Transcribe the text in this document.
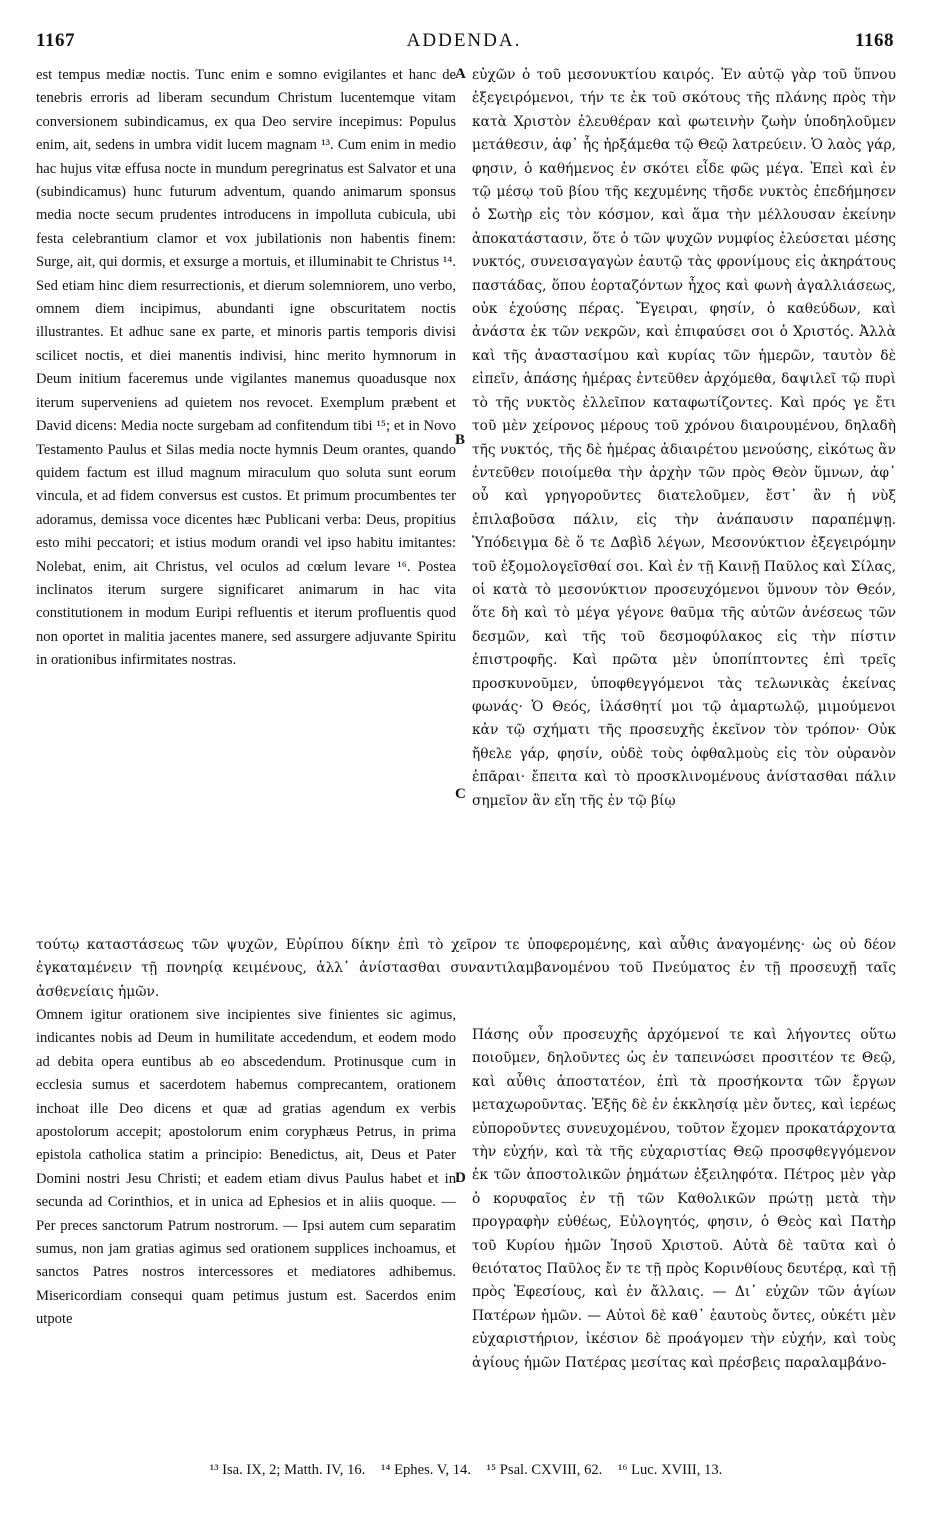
ADDENDA.
1167	1168

est tempus mediæ noctis. Tunc enim e somno evigilantes et hanc de tenebris erroris ad liberam secundum Christum lucentemque vitam conversionem subindicamus, ex qua Deo servire incepimus: Populus enim, ait, sedens in umbra vidit lucem magnam ¹³. Cum enim in medio hac hujus vitæ effusa nocte in mundum peregrinatus est Salvator et una (subindicamus) hunc futurum adventum, quando animarum sponsus media nocte secum prudentes introducens in impolluta cubicula, ubi festa celebrantium clamor et vox jubilationis non habentis finem: Surge, ait, qui dormis, et exsurge a mortuis, et illuminabit te Christus ¹⁴. Sed etiam hinc diem resurrectionis, et dierum solemniorem, uno verbo, omnem diem incipimus, abundanti igne obscuritatem noctis illustrantes. Et adhuc sane ex parte, et minoris partis temporis divisi scilicet noctis, et diei manentis indivisi, hinc merito hymnorum in Deum initium faceremus unde vigilantes manemus quoadusque nox iterum superveniens ad quietem nos revocet. Exemplum præbent et David dicens: Media nocte surgebam ad confitendum tibi ¹⁵; et in Novo Testamento Paulus et Silas media nocte hymnis Deum orantes, quando quidem factum est illud magnum miraculum quo soluta sunt eorum vincula, et ad fidem conversus est custos. Et primum procumbentes ter adoramus, demissa voce dicentes hæc Publicani verba: Deus, propitius esto mihi peccatori; et istius modum orandi vel ipso habitu imitantes: Nolebat, enim, ait Christus, vel oculos ad cœlum levare ¹⁶. Postea inclinatos iterum surgere significaret animarum in hac vita constitutionem in modum Euripi refluentis et iterum profluentis quod non oportet in malitia jacentes manere, sed assurgere adjuvante Spiritu in orationibus infirmitates nostras.

εὐχῶν ὁ τοῦ μεσονυκτίου καιρός. Ἐν αὐτῷ γὰρ τοῦ ὕπνου ἐξεγειρόμενοι, τήν τε ἐκ τοῦ σκότους τῆς πλάνης πρὸς τὴν κατὰ Χριστὸν ἐλευθέραν καὶ φωτεινὴν ζωὴν ὑποδηλοῦμεν μετάθεσιν, ἀφ᾽ ἧς ἠρξάμεθα τῷ Θεῷ λατρεύειν. Ὁ λαὸς γάρ, φησιν, ὁ καθήμενος ἐν σκότει εἶδε φῶς μέγα. Ἐπεὶ καὶ ἐν τῷ μέσῳ τοῦ βίου τῆς κεχυμένης τῆσδε νυκτὸς ἐπεδήμησεν ὁ Σωτὴρ εἰς τὸν κόσμον, καὶ ἅμα τὴν μέλλουσαν ἐκείνην ἀποκατάστασιν, ὅτε ὁ τῶν ψυχῶν νυμφίος ἐλεύσεται μέσης νυκτός, συνεισαγαγὼν ἑαυτῷ τὰς φρονίμους εἰς ἀκηράτους παστάδας, ὅπου ἑορταζόντων ἦχος καὶ φωνὴ ἀγαλλιάσεως, οὐκ ἐχούσης πέρας. Ἔγειραι, φησίν, ὁ καθεύδων, καὶ ἀνάστα ἐκ τῶν νεκρῶν, καὶ ἐπιφαύσει σοι ὁ Χριστός. Ἀλλὰ καὶ τῆς ἀναστασίμου καὶ κυρίας τῶν ἡμερῶν, ταυτὸν δὲ εἰπεῖν, ἁπάσης ἡμέρας ἐντεῦθεν ἀρχόμεθα, δαψιλεῖ τῷ πυρὶ τὸ τῆς νυκτὸς ἐλλεῖπον καταφωτίζοντες. Καὶ πρός γε ἔτι τοῦ μὲν χείρονος μέρους τοῦ χρόνου διαιρουμένου, δηλαδὴ τῆς νυκτός, τῆς δὲ ἡμέρας ἀδιαιρέτου μενούσης, εἰκότως ἂν ἐντεῦθεν ποιοίμεθα τὴν ἀρχὴν τῶν πρὸς Θεὸν ὕμνων, ἀφ᾽ οὗ καὶ γρηγοροῦντες διατελοῦμεν, ἔστ᾽ ἂν ἡ νὺξ ἐπιλαβοῦσα πάλιν, εἰς τὴν ἀνάπαυσιν παραπέμψῃ. Ὑπόδειγμα δὲ ὅ τε Δαβὶδ λέγων, Μεσονύκτιον ἐξεγειρόμην τοῦ ἐξομολογεῖσθαί σοι. Καὶ ἐν τῇ Καινῇ Παῦλος καὶ Σίλας, οἱ κατὰ τὸ μεσονύκτιον προσευχόμενοι ὕμνουν τὸν Θεόν, ὅτε δὴ καὶ τὸ μέγα γέγονε θαῦμα τῆς αὐτῶν ἀνέσεως τῶν δεσμῶν, καὶ τῆς τοῦ δεσμοφύλακος εἰς τὴν πίστιν ἐπιστροφῆς. Καὶ πρῶτα μὲν ὑποπίπτοντες ἐπὶ τρεῖς προσκυνοῦμεν, ὑποφθεγγόμενοι τὰς τελωνικὰς ἐκείνας φωνάς· Ὁ Θεός, ἱλάσθητί μοι τῷ ἁμαρτωλῷ, μιμούμενοι κἀν τῷ σχήματι τῆς προσευχῆς ἐκεῖνον τὸν τρόπον· Οὐκ ἤθελε γάρ, φησίν, οὐδὲ τοὺς ὀφθαλμοὺς εἰς τὸν οὐρανὸν ἐπᾶραι· ἔπειτα καὶ τὸ προσκλινομένους ἀνίστασθαι πάλιν σημεῖον ἂν εἴη τῆς ἐν τῷ βίῳ

A
B
C
D
τούτῳ καταστάσεως τῶν ψυχῶν, Εὐρίπου δίκην ἐπὶ τὸ χεῖρον τε ὑποφερομένης, καὶ αὖθις ἀναγομένης· ὡς οὐ δέον ἐγκαταμένειν τῇ πονηρίᾳ κειμένους, ἀλλ᾽ ἀνίστασθαι συναντιλαμβανομένου τοῦ Πνεύματος ἐν τῇ προσευχῇ ταῖς ἀσθενείαις ἡμῶν.

Omnem igitur orationem sive incipientes sive finientes sic agimus, indicantes nobis ad Deum in humilitate accedendum, et eodem modo ad debita opera euntibus ab eo abscedendum. Protinusque cum in ecclesia sumus et sacerdotem habemus comprecantem, orationem inchoat ille Deo dicens et quæ ad gratias agendum ex verbis apostolorum accepit; apostolorum enim coryphæus Petrus, in prima epistola catholica statim a principio: Benedictus, ait, Deus et Pater Domini nostri Jesu Christi; et eadem etiam divus Paulus habet et in secunda ad Corinthios, et in unica ad Ephesios et in aliis quoque. — Per preces sanctorum Patrum nostrorum. — Ipsi autem cum separatim sumus, non jam gratias agimus sed orationem supplices inchoamus, et sanctos Patres nostros intercessores et mediatores adhibemus. Misericordiam consequi quam petimus justum est. Sacerdos enim utpote

Πάσης οὖν προσευχῆς ἀρχόμενοί τε καὶ λήγοντες οὕτω ποιοῦμεν, δηλοῦντες ὡς ἐν ταπεινώσει προσιτέον τε Θεῷ, καὶ αὖθις ἀποστατέον, ἐπὶ τὰ προσήκοντα τῶν ἔργων μεταχωροῦντας. Ἑξῆς δὲ ἐν ἐκκλησίᾳ μὲν ὄντες, καὶ ἱερέως εὐποροῦντες συνευχομένου, τοῦτον ἔχομεν προκατάρχοντα τὴν εὐχήν, καὶ τὰ τῆς εὐχαριστίας Θεῷ προσφθεγγόμενον ἐκ τῶν ἀποστολικῶν ῥημάτων ἐξειληφότα. Πέτρος μὲν γὰρ ὁ κορυφαῖος ἐν τῇ τῶν Καθολικῶν πρώτῃ μετὰ τὴν προγραφὴν εὐθέως, Εὐλογητός, φησιν, ὁ Θεὸς καὶ Πατὴρ τοῦ Κυρίου ἡμῶν Ἰησοῦ Χριστοῦ. Αὐτὰ δὲ ταῦτα καὶ ὁ θειότατος Παῦλος ἔν τε τῇ πρὸς Κορινθίους δευτέρᾳ, καὶ τῇ πρὸς Ἐφεσίους, καὶ ἐν ἄλλαις. — Δι᾽ εὐχῶν τῶν ἁγίων Πατέρων ἡμῶν. — Αὐτοὶ δὲ καθ᾽ ἑαυτοὺς ὄντες, οὐκέτι μὲν εὐχαριστήριον, ἱκέσιον δὲ προάγομεν τὴν εὐχήν, καὶ τοὺς ἁγίους ἡμῶν Πατέρας μεσίτας καὶ πρέσβεις παραλαμβάνο-

¹³ Isa. IX, 2; Matth. IV, 16. ¹⁴ Ephes. V, 14. ¹⁵ Psal. CXVIII, 62. ¹⁶ Luc. XVIII, 13.
